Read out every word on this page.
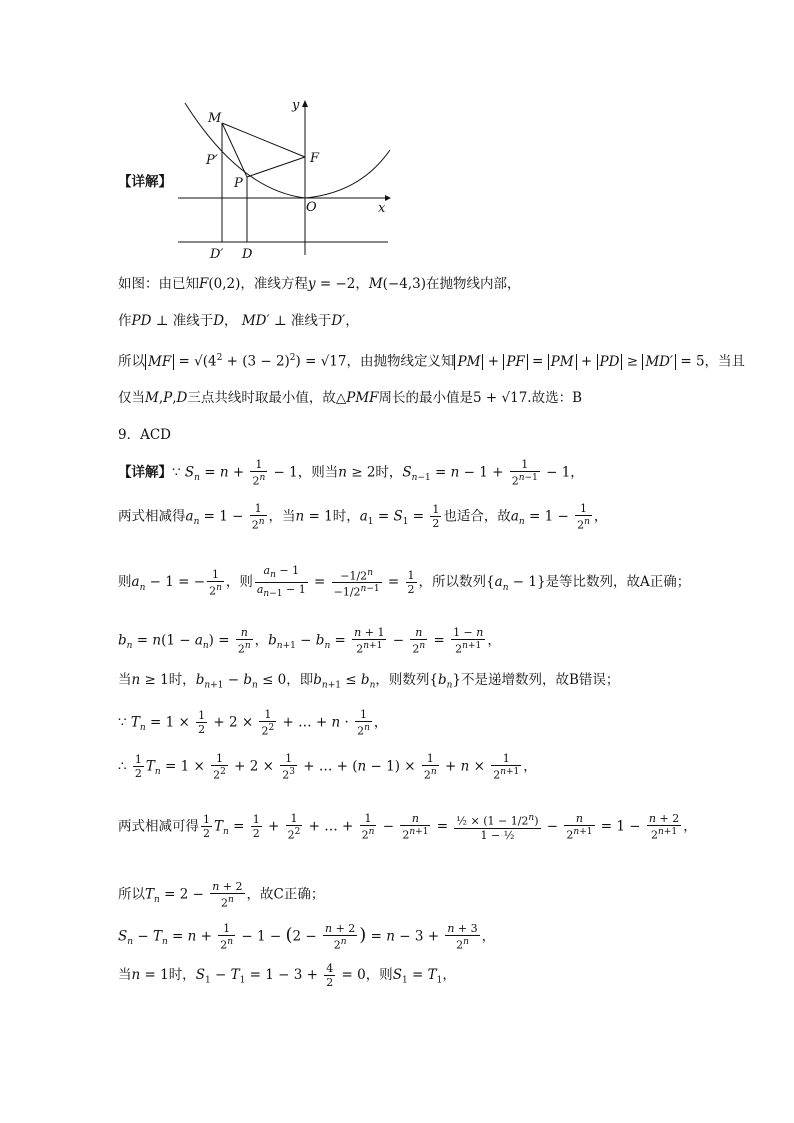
【详解】
M
P′
P
F
O	x
y
D′ D
如图：由已知F(0,2)，准线方程y = −2，M(−4,3)在抛物线内部，
作PD ⊥ 准线于D， MD′ ⊥ 准线于D′，
所以 MF = $√(4^2 + (3 - 2)^2) = √17$，由抛物线定义知 PM + PF = PM + PD ≥ MD′ = 5，当且
仅当M,P,D三点共线时取最小值，故△PMF周长的最小值是5 + √17.故选：B
9．ACD
【详解】∵ $S_n = n + \frac{1}{2^n} - 1$，则当n ≥ 2时，$S_{n-1} = n - 1 + \frac{1}{2^{n-1}} - 1$，
两式相减得$a_n = 1 - \frac{1}{2^n}$ ，当n = 1时，$a_1 = S_1 = \frac{1}{2}$ 也适合，故$a_n = 1 - \frac{1}{2^n}$ ，
则$a_n - 1$ = − $\frac{1}{2^n}$ ，则 $\frac{a_n - 1}{a_{n-1} - 1} = \frac{-1/2^n}{-1/2^{n-1}} = \frac{1}{2}$ ，所以数列$\{a_n - 1\}$是等比数列，故A正确；
$b_n = n(1 - a_n) = \frac{n}{2^n}$ ，$b_{n+1} - b_n = \frac{n + 1}{2^{n+1}} - \frac{n}{2^n} = \frac{1 - n}{2^{n+1}}$ ，
当n ≥ 1时，$b_{n+1} - b_n \le 0$，即$b_{n+1} \le b_n$，则数列$\{b_n\}$不是递增数列，故B错误；
∵ $T_n = 1 \times \frac{1}{2} + 2 \times \frac{1}{2^2}$ + … + $n \cdot \frac{1}{2^n}$ ，
∴ $\frac{1}{2} T_n = 1 \times \frac{1}{2^2} + 2 \times \frac{1}{2^3}$ + … + $(n - 1) \times \frac{1}{2^n} + n \times \frac{1}{2^{n+1}}$ ，
两式相减可得 $\frac{1}{2} T_n = \frac{1}{2} + \frac{1}{2^2}$ + … + $\frac{1}{2^n} - \frac{n}{2^{n+1}} = \frac{\frac{1}{2} \times (1 - 1/2^n)}{\text{1 − ½}} - \frac{n}{2^{n+1}} = 1 - \frac{n + 2}{2^{n+1}}$ ，
所以$T_n = 2 - \frac{n + 2}{2^n}$ ，故C正确；
$S_n - T_n = n + \frac{1}{2^n} - 1 - (2 - \frac{n + 2}{2^n}$ ) = $n - 3 + \frac{n + 3}{2^n}$ ，
当n = 1时，$S_1 - T_1 = 1 - 3 + \frac{4}{2} = 0$，则$S_1 = T_1$，
